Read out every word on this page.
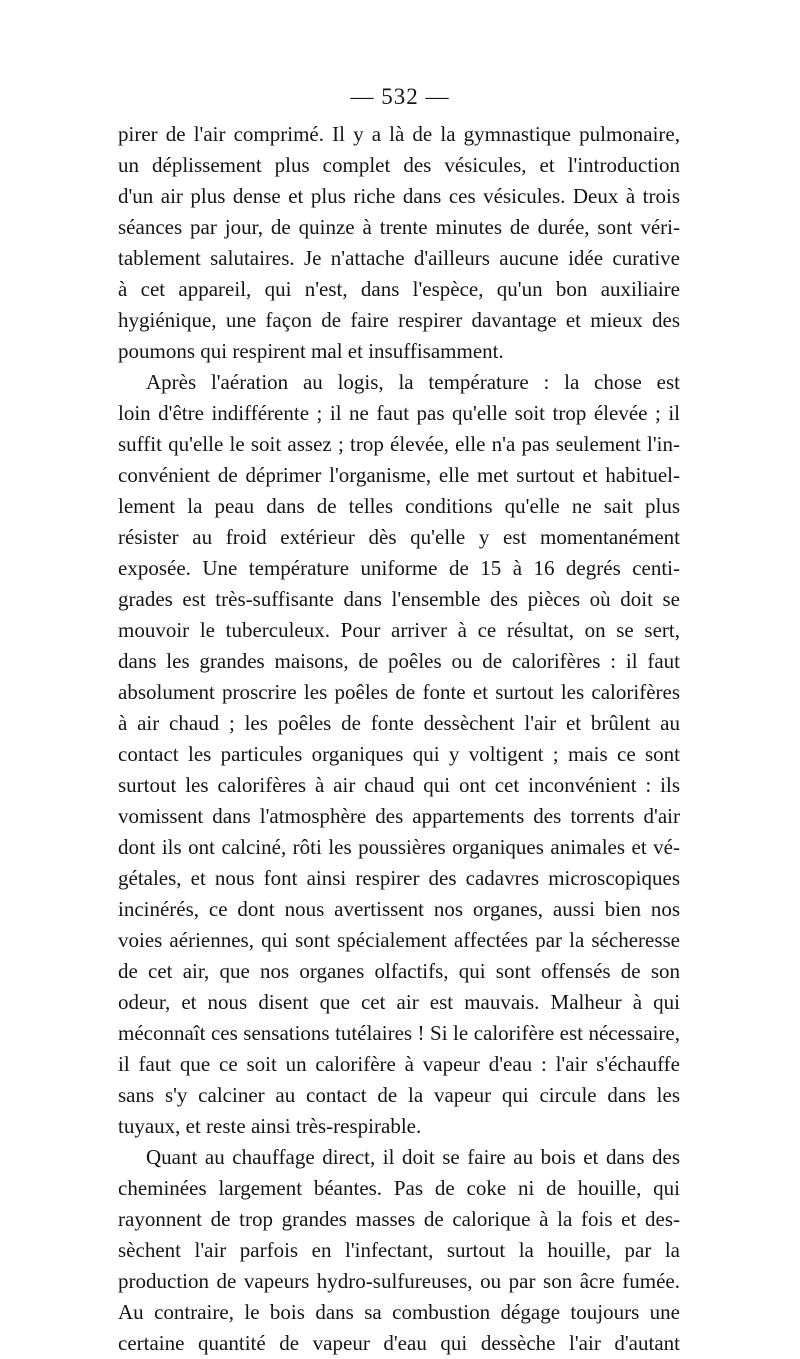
— 532 —
pirer de l'air comprimé. Il y a là de la gymnastique pulmonaire,
un déplissement plus complet des vésicules, et l'introduction
d'un air plus dense et plus riche dans ces vésicules. Deux à trois
séances par jour, de quinze à trente minutes de durée, sont véri-
tablement salutaires. Je n'attache d'ailleurs aucune idée curative
à cet appareil, qui n'est, dans l'espèce, qu'un bon auxiliaire
hygiénique, une façon de faire respirer davantage et mieux des
poumons qui respirent mal et insuffisamment.
Après l'aération au logis, la température : la chose est
loin d'être indifférente ; il ne faut pas qu'elle soit trop élevée ; il
suffit qu'elle le soit assez ; trop élevée, elle n'a pas seulement l'in-
convénient de déprimer l'organisme, elle met surtout et habituel-
lement la peau dans de telles conditions qu'elle ne sait plus
résister au froid extérieur dès qu'elle y est momentanément
exposée. Une température uniforme de 15 à 16 degrés centi-
grades est très-suffisante dans l'ensemble des pièces où doit se
mouvoir le tuberculeux. Pour arriver à ce résultat, on se sert,
dans les grandes maisons, de poêles ou de calorifères : il faut
absolument proscrire les poêles de fonte et surtout les calorifères
à air chaud ; les poêles de fonte dessèchent l'air et brûlent au
contact les particules organiques qui y voltigent ; mais ce sont
surtout les calorifères à air chaud qui ont cet inconvénient : ils
vomissent dans l'atmosphère des appartements des torrents d'air
dont ils ont calciné, rôti les poussières organiques animales et vé-
gétales, et nous font ainsi respirer des cadavres microscopiques
incinérés, ce dont nous avertissent nos organes, aussi bien nos
voies aériennes, qui sont spécialement affectées par la sécheresse
de cet air, que nos organes olfactifs, qui sont offensés de son
odeur, et nous disent que cet air est mauvais. Malheur à qui
méconnaît ces sensations tutélaires ! Si le calorifère est nécessaire,
il faut que ce soit un calorifère à vapeur d'eau : l'air s'échauffe
sans s'y calciner au contact de la vapeur qui circule dans les
tuyaux, et reste ainsi très-respirable.
Quant au chauffage direct, il doit se faire au bois et dans des
cheminées largement béantes. Pas de coke ni de houille, qui
rayonnent de trop grandes masses de calorique à la fois et des-
sèchent l'air parfois en l'infectant, surtout la houille, par la
production de vapeurs hydro-sulfureuses, ou par son âcre fumée.
Au contraire, le bois dans sa combustion dégage toujours une
certaine quantité de vapeur d'eau qui dessèche l'air d'autant
